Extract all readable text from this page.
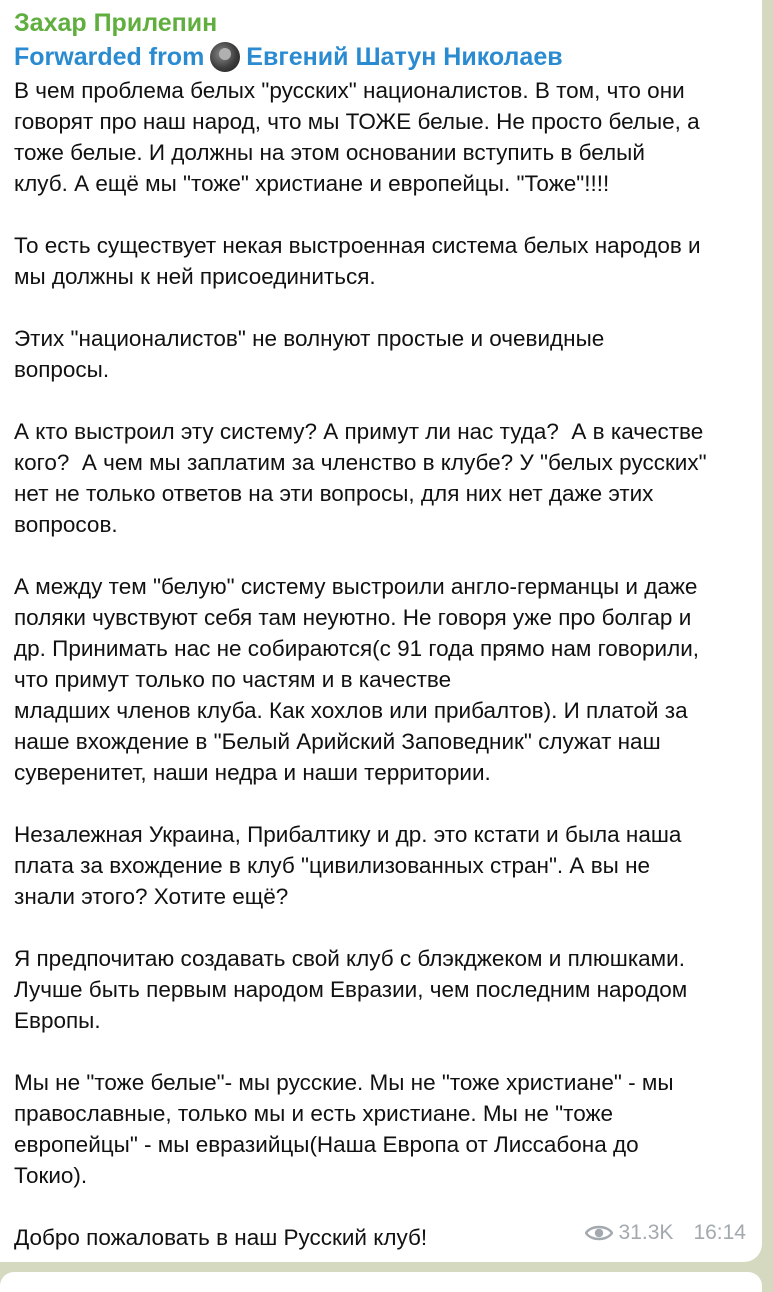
Захар Прилепин
Forwarded from Евгений Шатун Николаев
В чем проблема белых "русских" националистов. В том, что они
говорят про наш народ, что мы ТОЖЕ белые. Не просто белые, а
тоже белые. И должны на этом основании вступить в белый
клуб. А ещё мы "тоже" христиане и европейцы. "Тоже"!!!!
То есть существует некая выстроенная система белых народов и
мы должны к ней присоединиться.
Этих "националистов" не волнуют простые и очевидные
вопросы.
А кто выстроил эту систему? А примут ли нас туда?  А в качестве
кого?  А чем мы заплатим за членство в клубе? У "белых русских"
нет не только ответов на эти вопросы, для них нет даже этих
вопросов.
А между тем "белую" систему выстроили англо-германцы и даже
поляки чувствуют себя там неуютно. Не говоря уже про болгар и
др. Принимать нас не собираются(с 91 года прямо нам говорили,
что примут только по частям и в качестве
младших членов клуба. Как хохлов или прибалтов). И платой за
наше вхождение в "Белый Арийский Заповедник" служат наш
суверенитет, наши недра и наши территории.
Незалежная Украина, Прибалтику и др. это кстати и была наша
плата за вхождение в клуб "цивилизованных стран". А вы не
знали этого? Хотите ещё?
Я предпочитаю создавать свой клуб с блэкджеком и плюшками.
Лучше быть первым народом Евразии, чем последним народом
Европы.
Мы не "тоже белые"- мы русские. Мы не "тоже христиане" - мы
православные, только мы и есть христиане. Мы не "тоже
европейцы" - мы евразийцы(Наша Европа от Лиссабона до
Токио).
Добро пожаловать в наш Русский клуб!	31.3K 16:14
